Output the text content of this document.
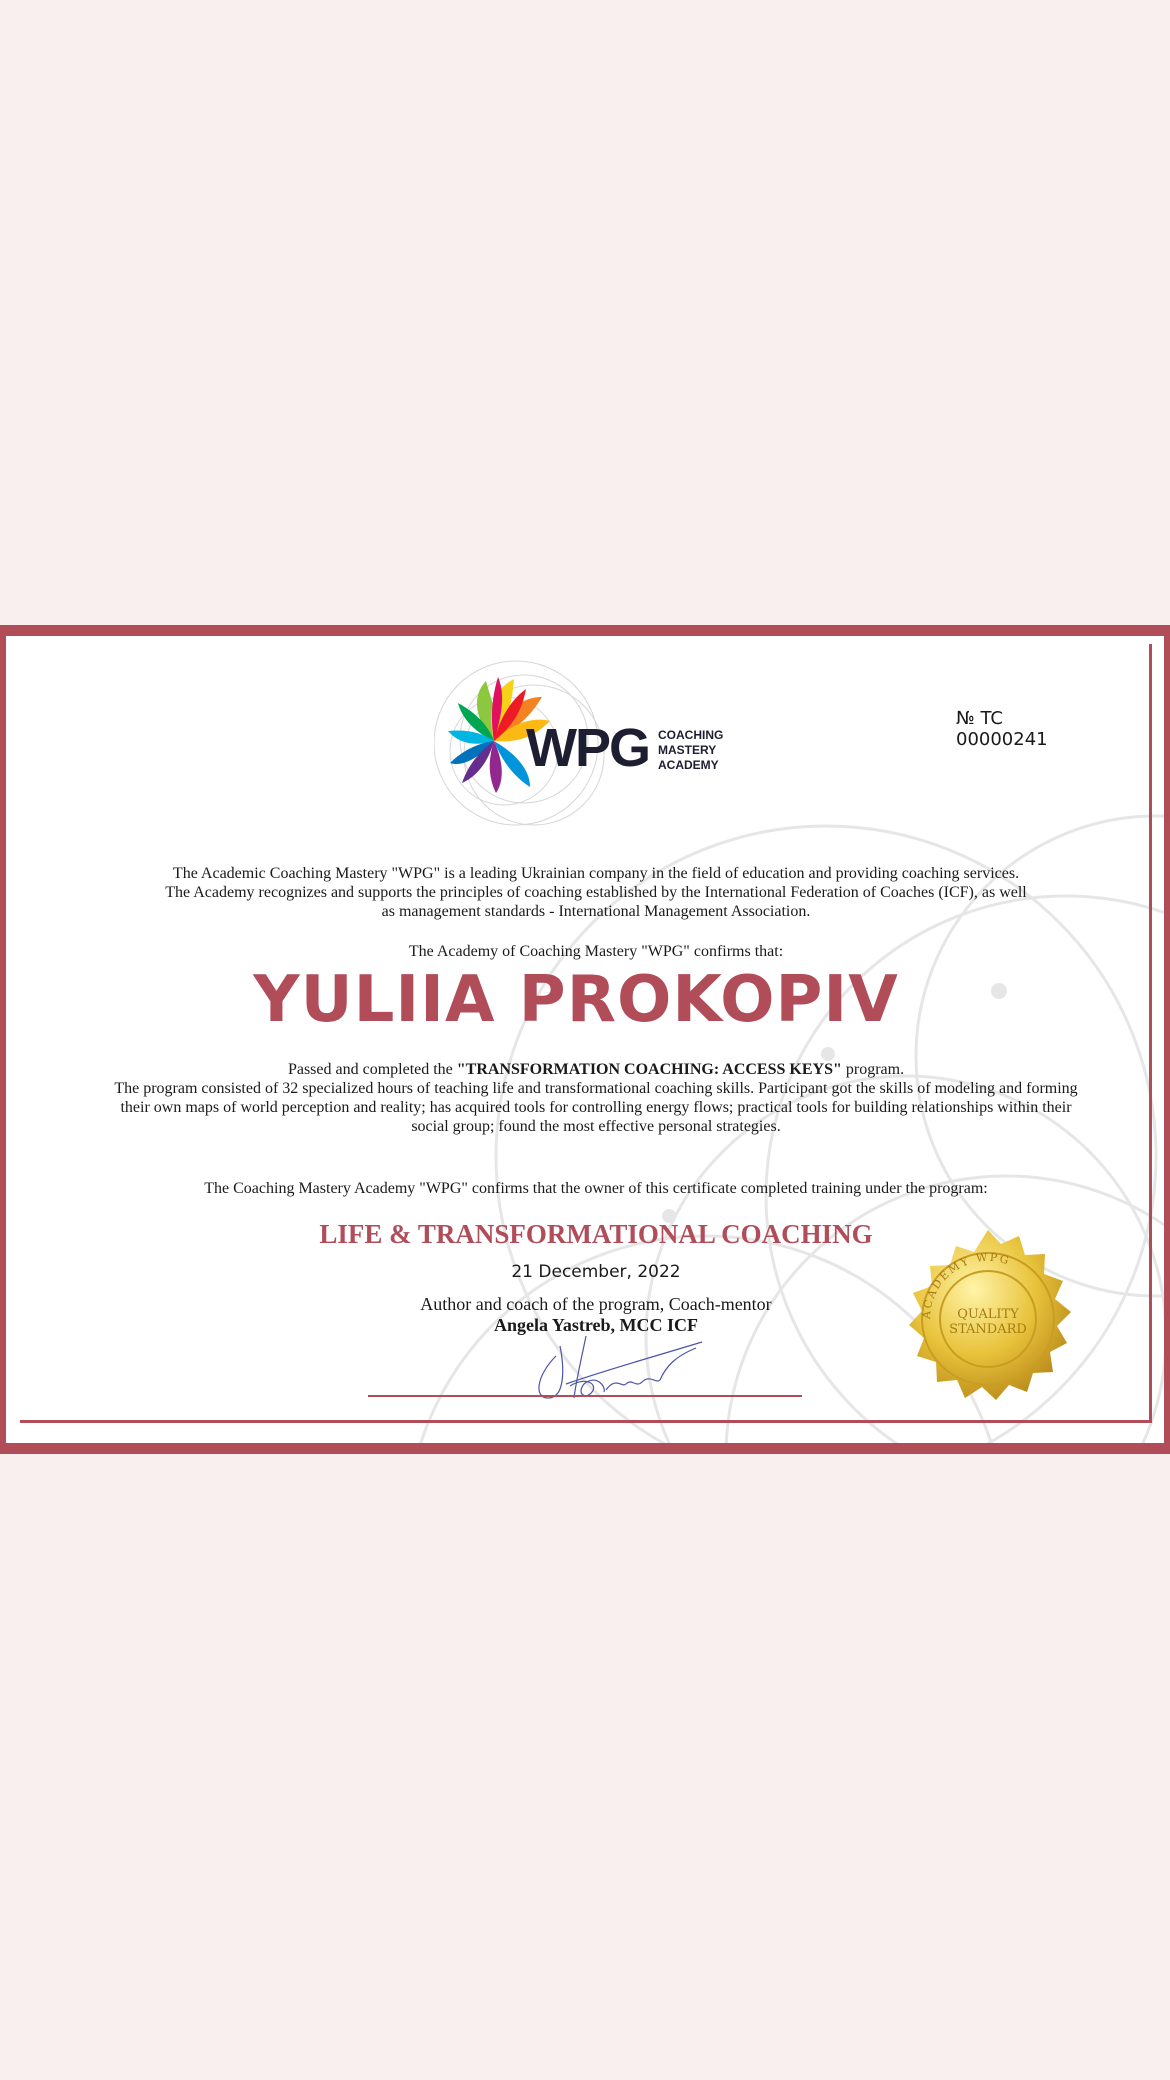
WPG COACHING
MASTERY
ACADEMY
№ TC 00000241
The Academic Coaching Mastery "WPG" is a leading Ukrainian company in the field of education and providing coaching services. The Academy recognizes and supports the principles of coaching established by the International Federation of Coaches (ICF), as well as management standards - International Management Association.
The Academy of Coaching Mastery "WPG" confirms that:
YULIIA PROKOPIV
Passed and completed the "TRANSFORMATION COACHING: ACCESS KEYS" program.
The program consisted of 32 specialized hours of teaching life and transformational coaching skills. Participant got the skills of modeling and forming their own maps of world perception and reality; has acquired tools for controlling energy flows; practical tools for building relationships within their social group; found the most effective personal strategies.
The Coaching Mastery Academy "WPG" confirms that the owner of this certificate completed training under the program:
LIFE & TRANSFORMATIONAL COACHING
21 December, 2022
Author and coach of the program, Coach-mentor
Angela Yastreb, MCC ICF
ACADEMY WPG
QUALITY
STANDARD
